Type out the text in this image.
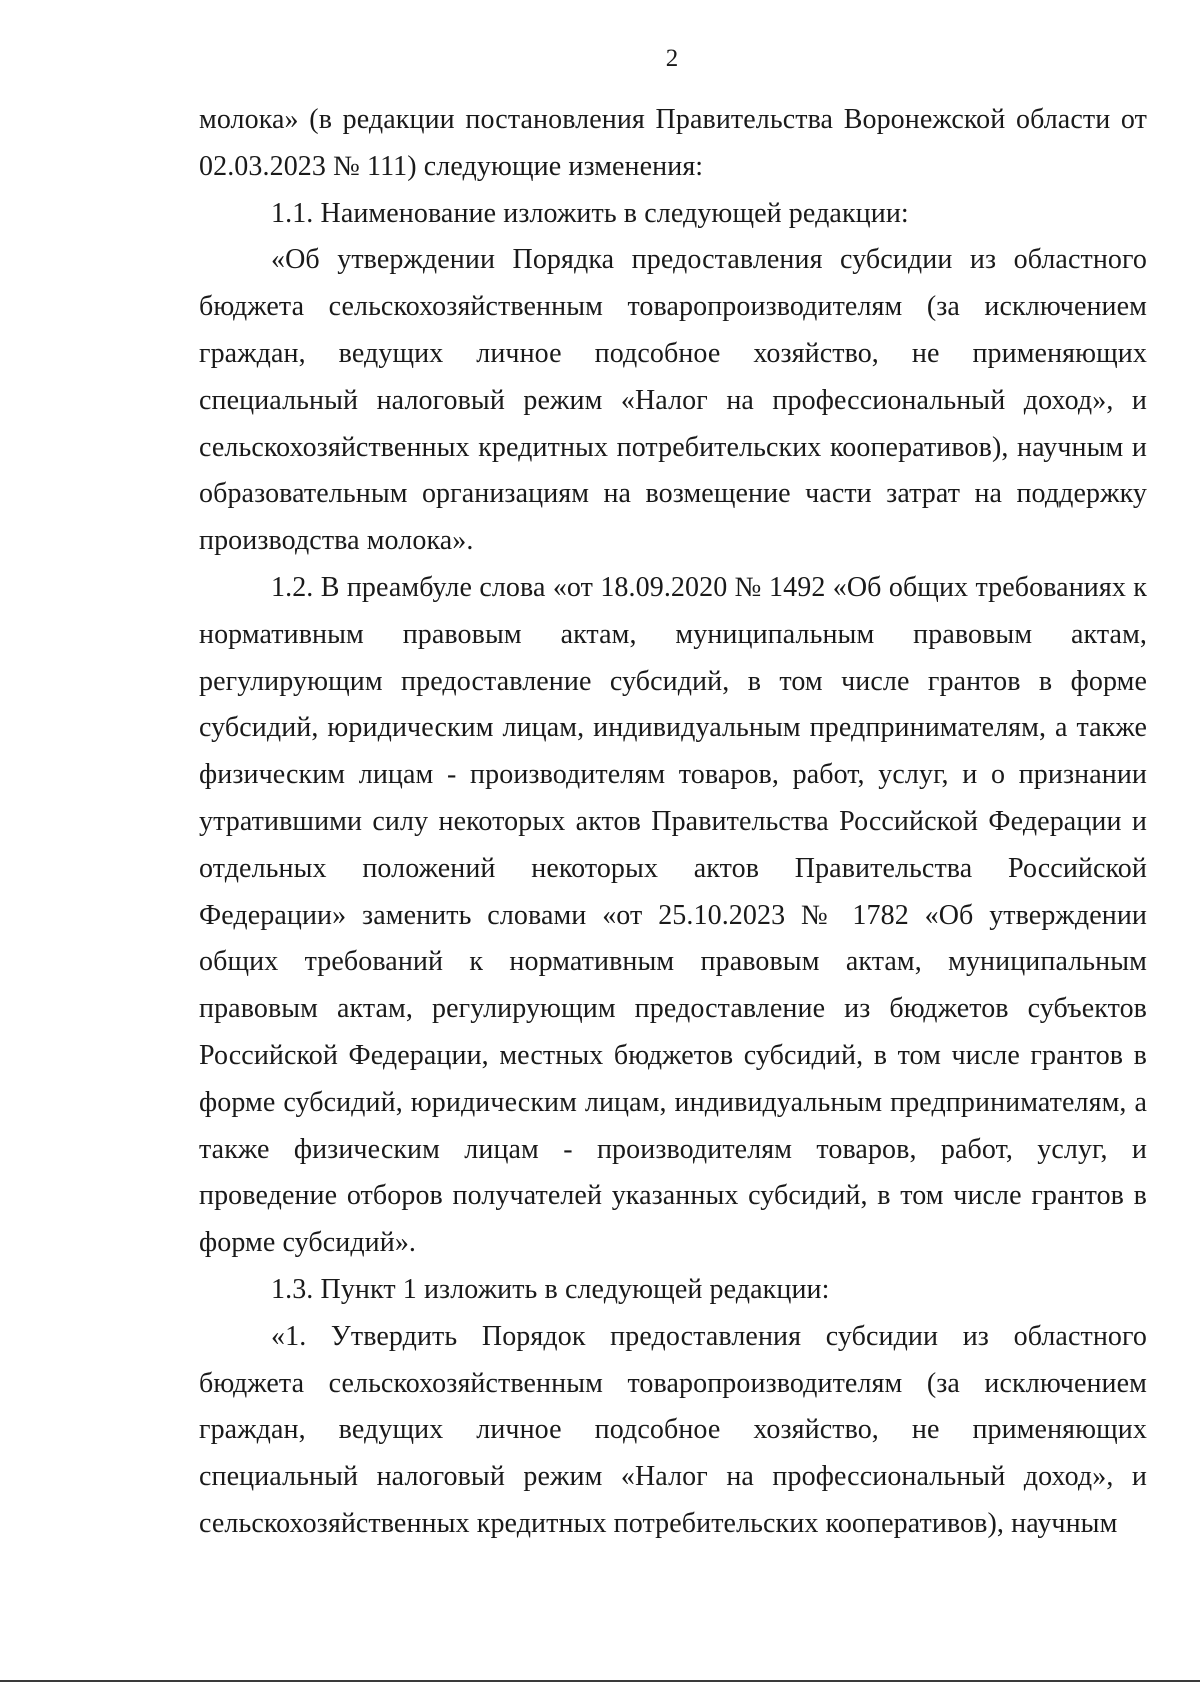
2

молока» (в редакции постановления Правительства Воронежской области от 02.03.2023 № 111) следующие изменения:

1.1. Наименование изложить в следующей редакции:

«Об утверждении Порядка предоставления субсидии из областного бюджета сельскохозяйственным товаропроизводителям (за исключением граждан, ведущих личное подсобное хозяйство, не применяющих специальный налоговый режим «Налог на профессиональный доход», и сельскохозяйственных кредитных потребительских кооперативов), научным и образовательным организациям на возмещение части затрат на поддержку производства молока».

1.2. В преамбуле слова «от 18.09.2020 № 1492 «Об общих требованиях к нормативным правовым актам, муниципальным правовым актам, регулирующим предоставление субсидий, в том числе грантов в форме субсидий, юридическим лицам, индивидуальным предпринимателям, а также физическим лицам - производителям товаров, работ, услуг, и о признании утратившими силу некоторых актов Правительства Российской Федерации и отдельных положений некоторых актов Правительства Российской Федерации» заменить словами «от 25.10.2023 № 1782 «Об утверждении общих требований к нормативным правовым актам, муниципальным правовым актам, регулирующим предоставление из бюджетов субъектов Российской Федерации, местных бюджетов субсидий, в том числе грантов в форме субсидий, юридическим лицам, индивидуальным предпринимателям, а также физическим лицам - производителям товаров, работ, услуг, и проведение отборов получателей указанных субсидий, в том числе грантов в форме субсидий».

1.3. Пункт 1 изложить в следующей редакции:

«1. Утвердить Порядок предоставления субсидии из областного бюджета сельскохозяйственным товаропроизводителям (за исключением граждан, ведущих личное подсобное хозяйство, не применяющих специальный налоговый режим «Налог на профессиональный доход», и сельскохозяйственных кредитных потребительских кооперативов), научным
